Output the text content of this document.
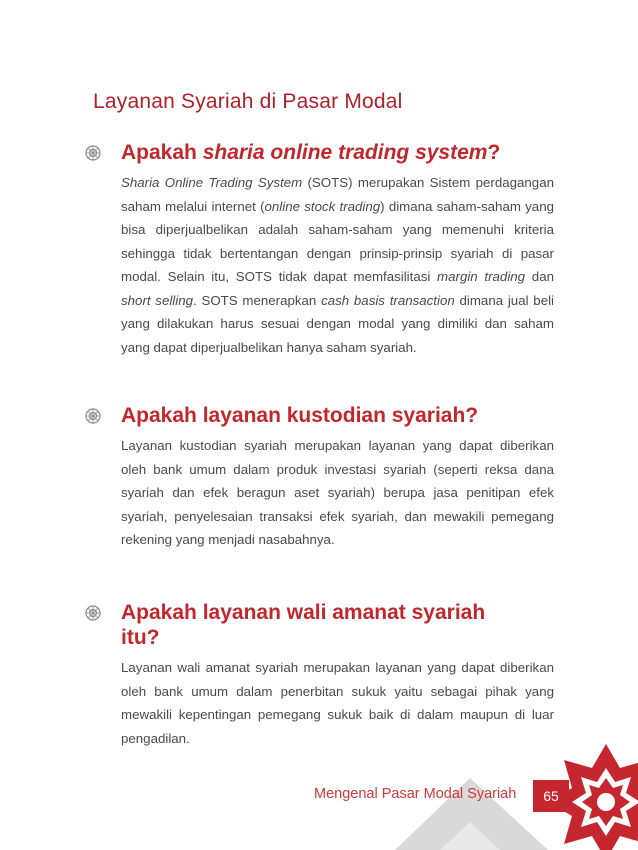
Layanan Syariah di Pasar Modal
Apakah sharia online trading system?

Sharia Online Trading System (SOTS) merupakan Sistem perdagangan saham melalui internet (online stock trading) dimana saham-saham yang bisa diperjualbelikan adalah saham-saham yang memenuhi kriteria sehingga tidak bertentangan dengan prinsip-prinsip syariah di pasar modal. Selain itu, SOTS tidak dapat memfasilitasi margin trading dan short selling. SOTS menerapkan cash basis transaction dimana jual beli yang dilakukan harus sesuai dengan modal yang dimiliki dan saham yang dapat diperjualbelikan hanya saham syariah.

Apakah layanan kustodian syariah?

Layanan kustodian syariah merupakan layanan yang dapat diberikan oleh bank umum dalam produk investasi syariah (seperti reksa dana syariah dan efek beragun aset syariah) berupa jasa penitipan efek syariah, penyelesaian transaksi efek syariah, dan mewakili pemegang rekening yang menjadi nasabahnya.

Apakah layanan wali amanat syariah itu?

Layanan wali amanat syariah merupakan layanan yang dapat diberikan oleh bank umum dalam penerbitan sukuk yaitu sebagai pihak yang mewakili kepentingan pemegang sukuk baik di dalam maupun di luar pengadilan.

Mengenal Pasar Modal Syariah	65
